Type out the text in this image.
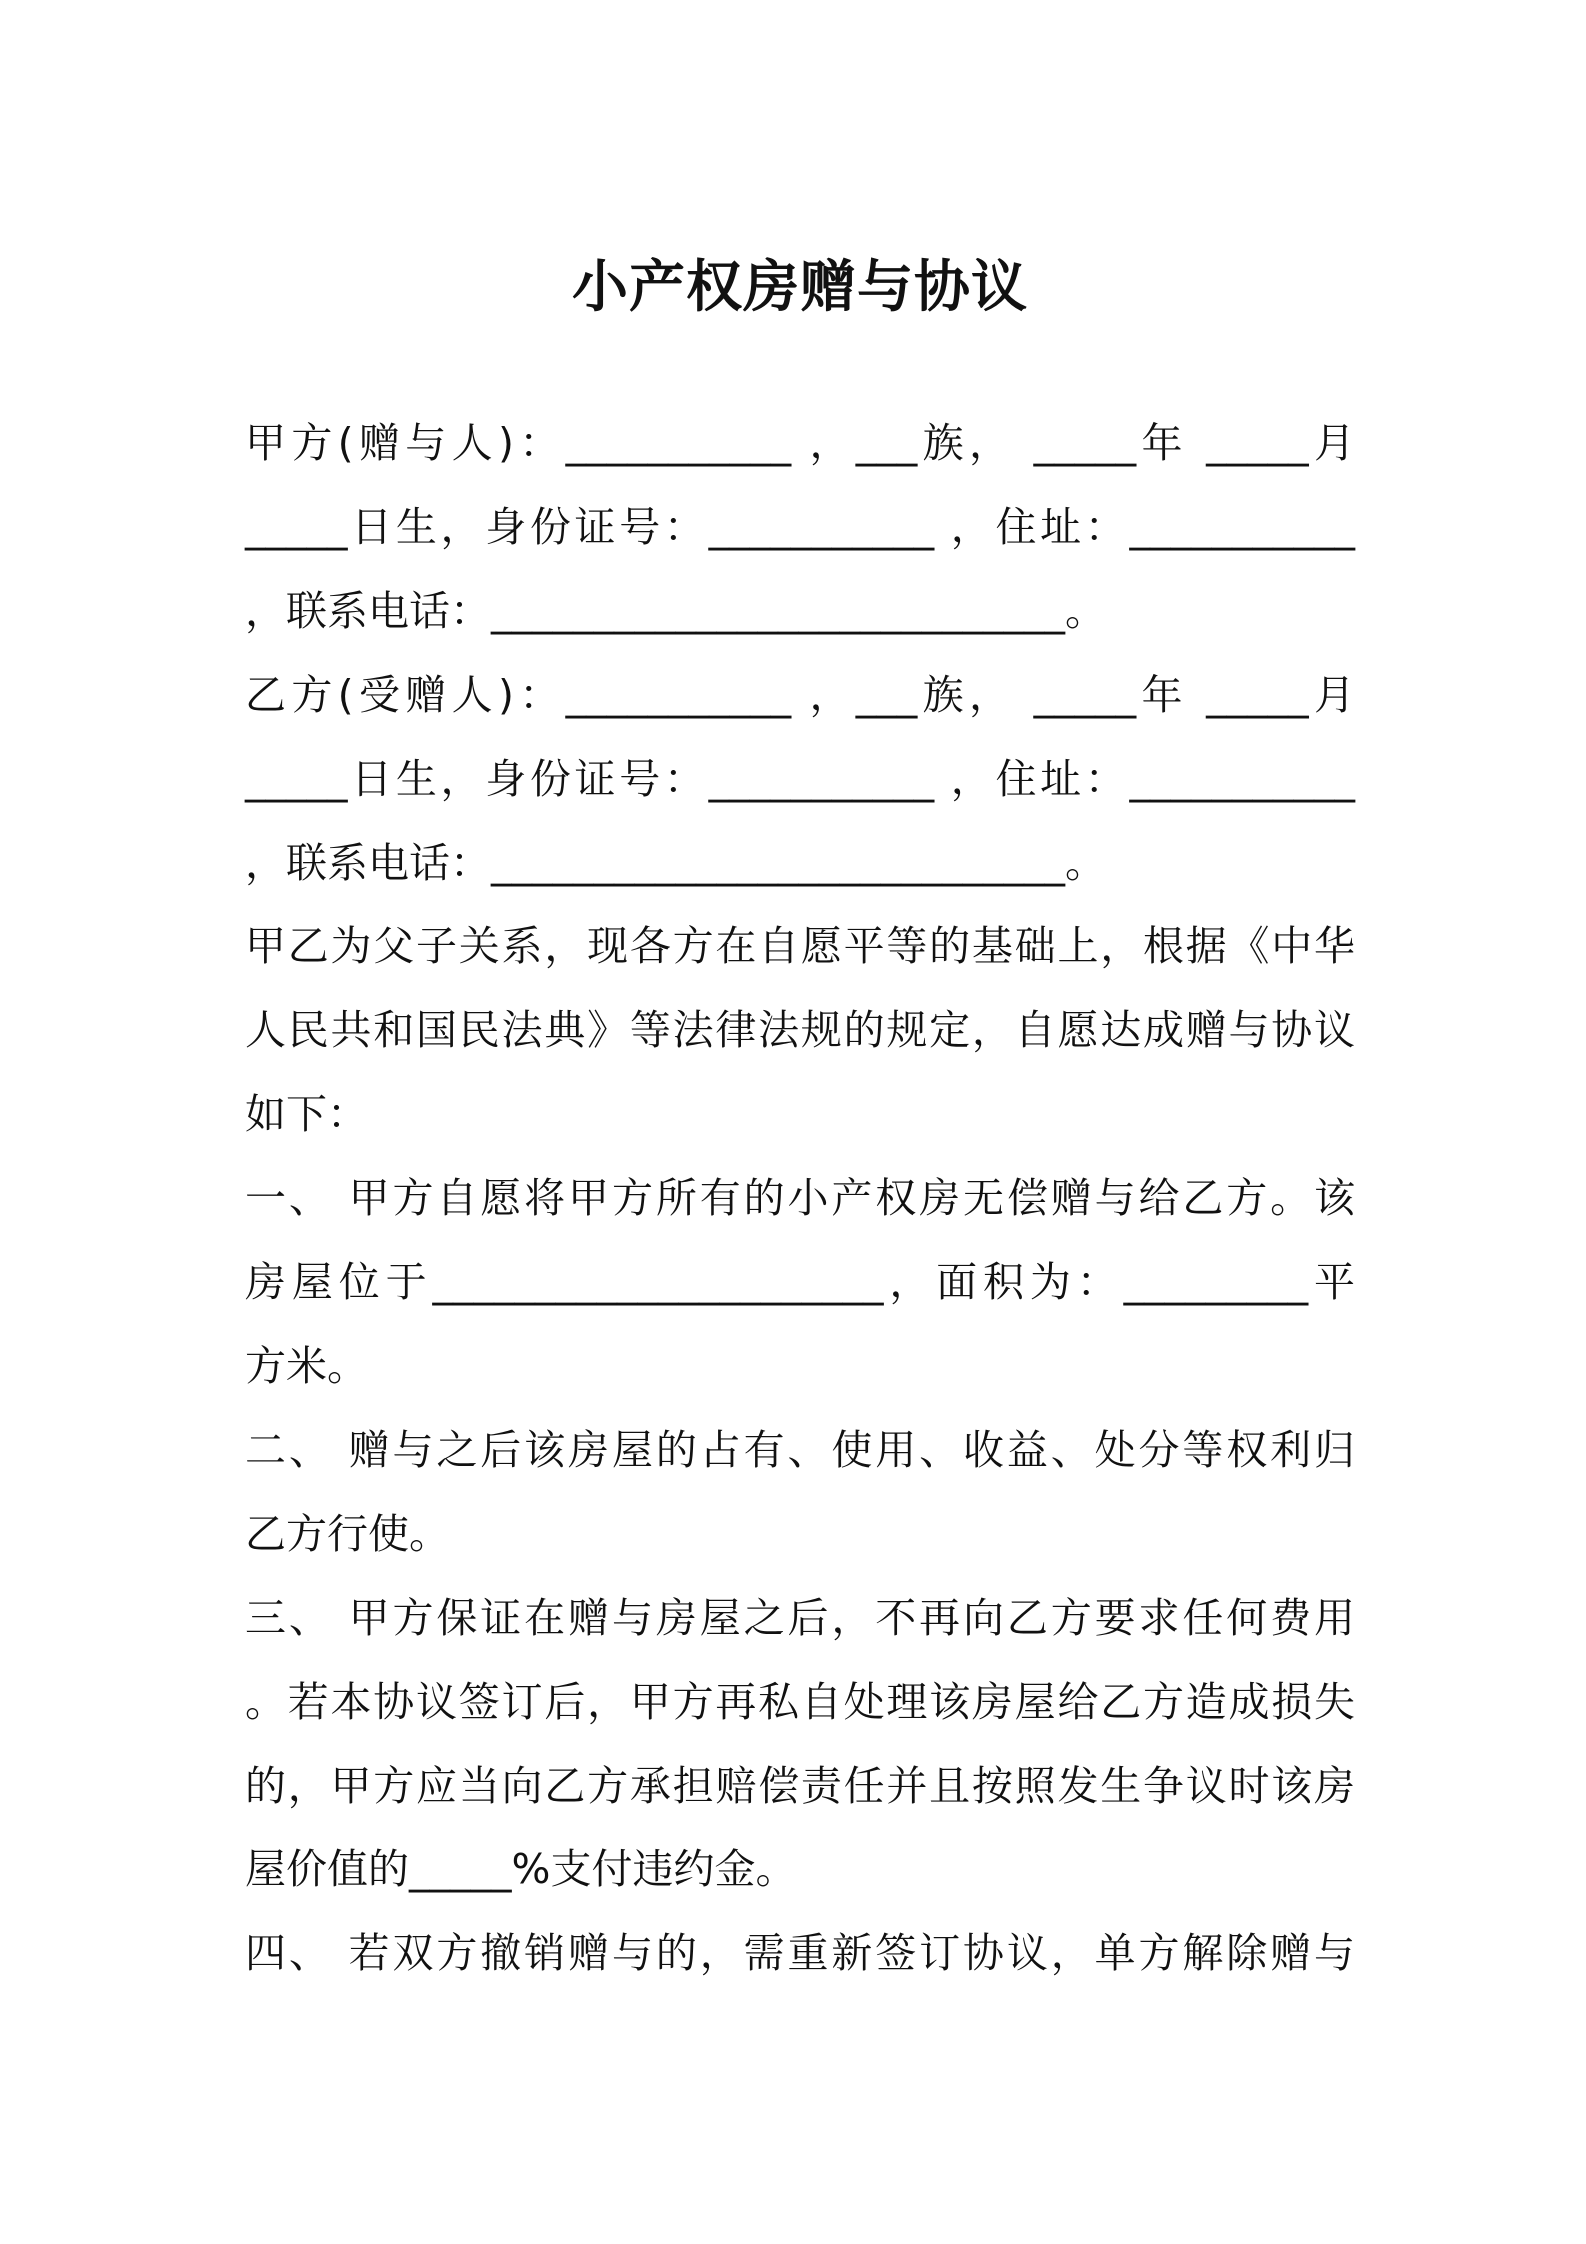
小产权房赠与协议
甲方(赠与人)：___________ ，___族， _____年 _____月
_____日生，身份证号：___________ ，住址：___________
，联系电话：____________________________。
乙方(受赠人)：___________ ，___族， _____年 _____月
_____日生，身份证号：___________ ，住址：___________
，联系电话：____________________________。
甲乙为父子关系，现各方在自愿平等的基础上，根据《中华
人民共和国民法典》等法律法规的规定，自愿达成赠与协议
如下：
一、 甲方自愿将甲方所有的小产权房无偿赠与给乙方。该
房屋位于______________________，面积为：_________平
方米。
二、 赠与之后该房屋的占有、使用、收益、处分等权利归
乙方行使。
三、 甲方保证在赠与房屋之后，不再向乙方要求任何费用
。若本协议签订后，甲方再私自处理该房屋给乙方造成损失
的，甲方应当向乙方承担赔偿责任并且按照发生争议时该房
屋价值的_____%支付违约金。
四、 若双方撤销赠与的，需重新签订协议，单方解除赠与
